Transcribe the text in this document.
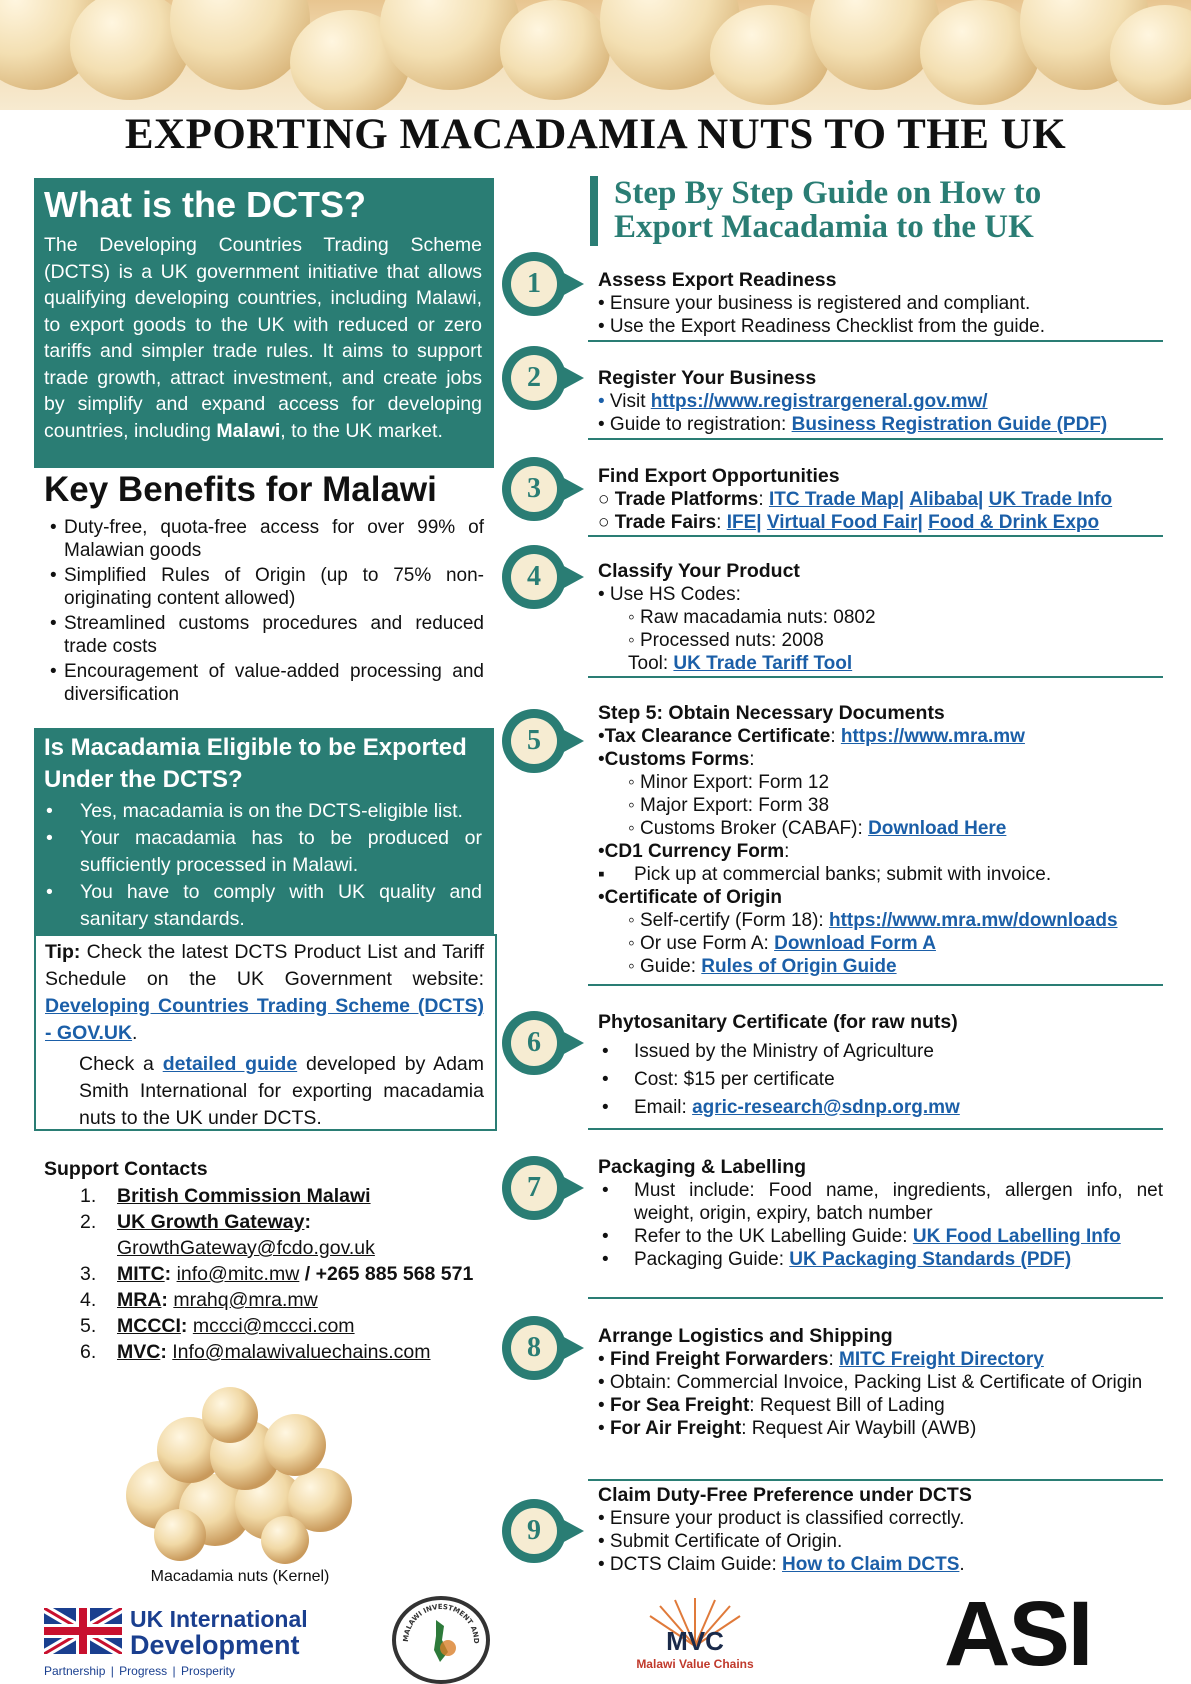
EXPORTING MACADAMIA NUTS TO THE UK
What is the DCTS?

The Developing Countries Trading Scheme (DCTS) is a UK government initiative that allows qualifying developing countries, including Malawi, to export goods to the UK with reduced or zero tariffs and simpler trade rules. It aims to support trade growth, attract investment, and create jobs by simplify and expand access for developing countries, including Malawi, to the UK market.

Key Benefits for Malawi
• Duty-free, quota-free access for over 99% of Malawian goods
• Simplified Rules of Origin (up to 75% non-originating content allowed)
• Streamlined customs procedures and reduced trade costs
• Encouragement of value-added processing and diversification
Is Macadamia Eligible to be Exported Under the DCTS?
• Yes, macadamia is on the DCTS-eligible list.
• Your macadamia has to be produced or sufficiently processed in Malawi.
• You have to comply with UK quality and sanitary standards.

Tip: Check the latest DCTS Product List and Tariff Schedule on the UK Government website: Developing Countries Trading Scheme (DCTS) - GOV.UK.

Check a detailed guide developed by Adam Smith International for exporting macadamia nuts to the UK under DCTS.

Support Contacts
1.	British Commission Malawi
2.	UK Growth Gateway:
GrowthGateway@fcdo.gov.uk
3.	MITC: info@mitc.mw / +265 885 568 571
4.	MRA: mrahq@mra.mw
5.	MCCCI: mccci@mccci.com
6.	MVC: Info@malawivaluechains.com
Macadamia nuts (Kernel)
Step By Step Guide on How to
Export Macadamia to the UK
1
2
3
4
5
6
7
8
9
Assess Export Readiness
• Ensure your business is registered and compliant.
• Use the Export Readiness Checklist from the guide.
Register Your Business
• Visit https://www.registrargeneral.gov.mw/
• Guide to registration: Business Registration Guide (PDF)
Find Export Opportunities
○ Trade Platforms: ITC Trade Map| Alibaba| UK Trade Info
○ Trade Fairs: IFE| Virtual Food Fair| Food & Drink Expo
Classify Your Product
• Use HS Codes:
◦ Raw macadamia nuts: 0802
◦ Processed nuts: 2008
Tool: UK Trade Tariff Tool
Step 5: Obtain Necessary Documents
•Tax Clearance Certificate: https://www.mra.mw
•Customs Forms:
◦ Minor Export: Form 12
◦ Major Export: Form 38
◦ Customs Broker (CABAF): Download Here
•CD1 Currency Form:
▪ Pick up at commercial banks; submit with invoice.
•Certificate of Origin
◦ Self-certify (Form 18): https://www.mra.mw/downloads
◦ Or use Form A: Download Form A
◦ Guide: Rules of Origin Guide
Phytosanitary Certificate (for raw nuts)
• Issued by the Ministry of Agriculture
• Cost: $15 per certificate
• Email: agric-research@sdnp.org.mw
Packaging & Labelling
• Must include: Food name, ingredients, allergen info, net weight, origin, expiry, batch number
• Refer to the UK Labelling Guide: UK Food Labelling Info
• Packaging Guide: UK Packaging Standards (PDF)
Arrange Logistics and Shipping
• Find Freight Forwarders: MITC Freight Directory
• Obtain: Commercial Invoice, Packing List & Certificate of Origin
• For Sea Freight: Request Bill of Lading
• For Air Freight: Request Air Waybill (AWB)
Claim Duty-Free Preference under DCTS
• Ensure your product is classified correctly.
• Submit Certificate of Origin.
• DCTS Claim Guide: How to Claim DCTS.
UK International
Development
Partnership | Progress | Prosperity
MALAWI INVESTMENT AND	MVC
Malawi Value Chains ASI
